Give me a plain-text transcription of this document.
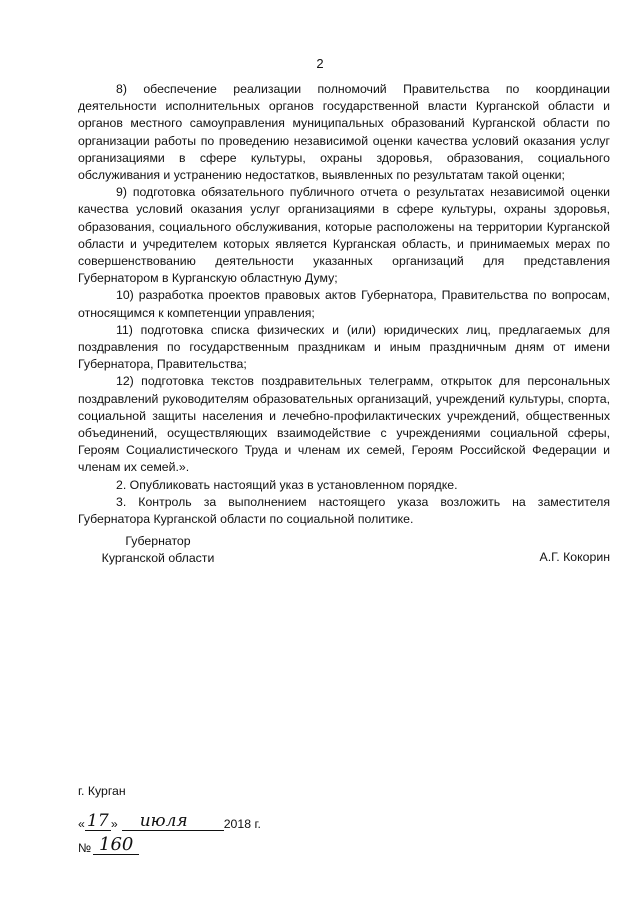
2

8) обеспечение реализации полномочий Правительства по координации деятельности исполнительных органов государственной власти Курганской области и органов местного самоуправления муниципальных образований Курганской области по организации работы по проведению независимой оценки качества условий оказания услуг организациями в сфере культуры, охраны здоровья, образования, социального обслуживания и устранению недостатков, выявленных по результатам такой оценки;

9) подготовка обязательного публичного отчета о результатах независимой оценки качества условий оказания услуг организациями в сфере культуры, охраны здоровья, образования, социального обслуживания, которые расположены на территории Курганской области и учредителем которых является Курганская область, и принимаемых мерах по совершенствованию деятельности указанных организаций для представления Губернатором в Курганскую областную Думу;

10) разработка проектов правовых актов Губернатора, Правительства по вопросам, относящимся к компетенции управления;

11) подготовка списка физических и (или) юридических лиц, предлагаемых для поздравления по государственным праздникам и иным праздничным дням от имени Губернатора, Правительства;

12) подготовка текстов поздравительных телеграмм, открыток для персональных поздравлений руководителям образовательных организаций, учреждений культуры, спорта, социальной защиты населения и лечебно-профилактических учреждений, общественных объединений, осуществляющих взаимодействие с учреждениями социальной сферы, Героям Социалистического Труда и членам их семей, Героям Российской Федерации и членам их семей.».

2. Опубликовать настоящий указ в установленном порядке.

3. Контроль за выполнением настоящего указа возложить на заместителя Губернатора Курганской области по социальной политике.

Губернатор
Курганской области	А.Г. Кокорин
г. Курган
« 17 » июля	2018 г.
№ 160
